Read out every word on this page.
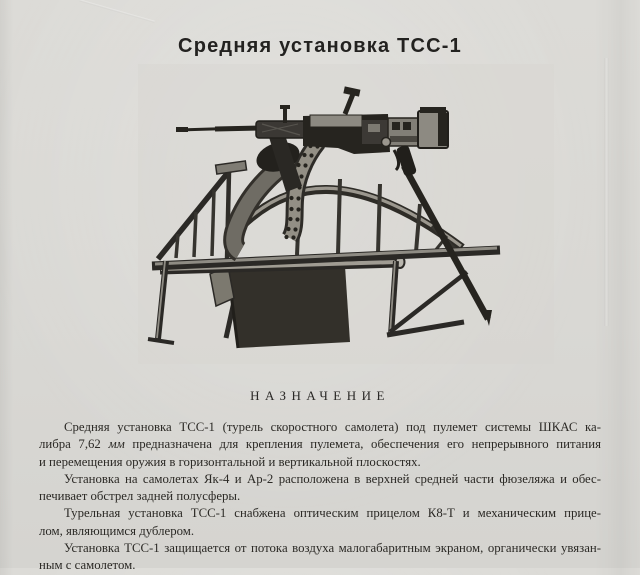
Средняя установка ТСС-1
НАЗНАЧЕНИЕ
Средняя установка ТСС-1 (турель скоростного самолета) под пулемет системы ШКАС ка-
либра 7,62 мм предназначена для крепления пулемета, обеспечения его непрерывного питания
и перемещения оружия в горизонтальной и вертикальной плоскостях.
Установка на самолетах Як-4 и Ар-2 расположена в верхней средней части фюзеляжа и обес-
печивает обстрел задней полусферы.
Турельная установка ТСС-1 снабжена оптическим прицелом К8-Т и механическим прице-
лом, являющимся дублером.
Установка ТСС-1 защищается от потока воздуха малогабаритным экраном, органически увязан-
ным с самолетом.
